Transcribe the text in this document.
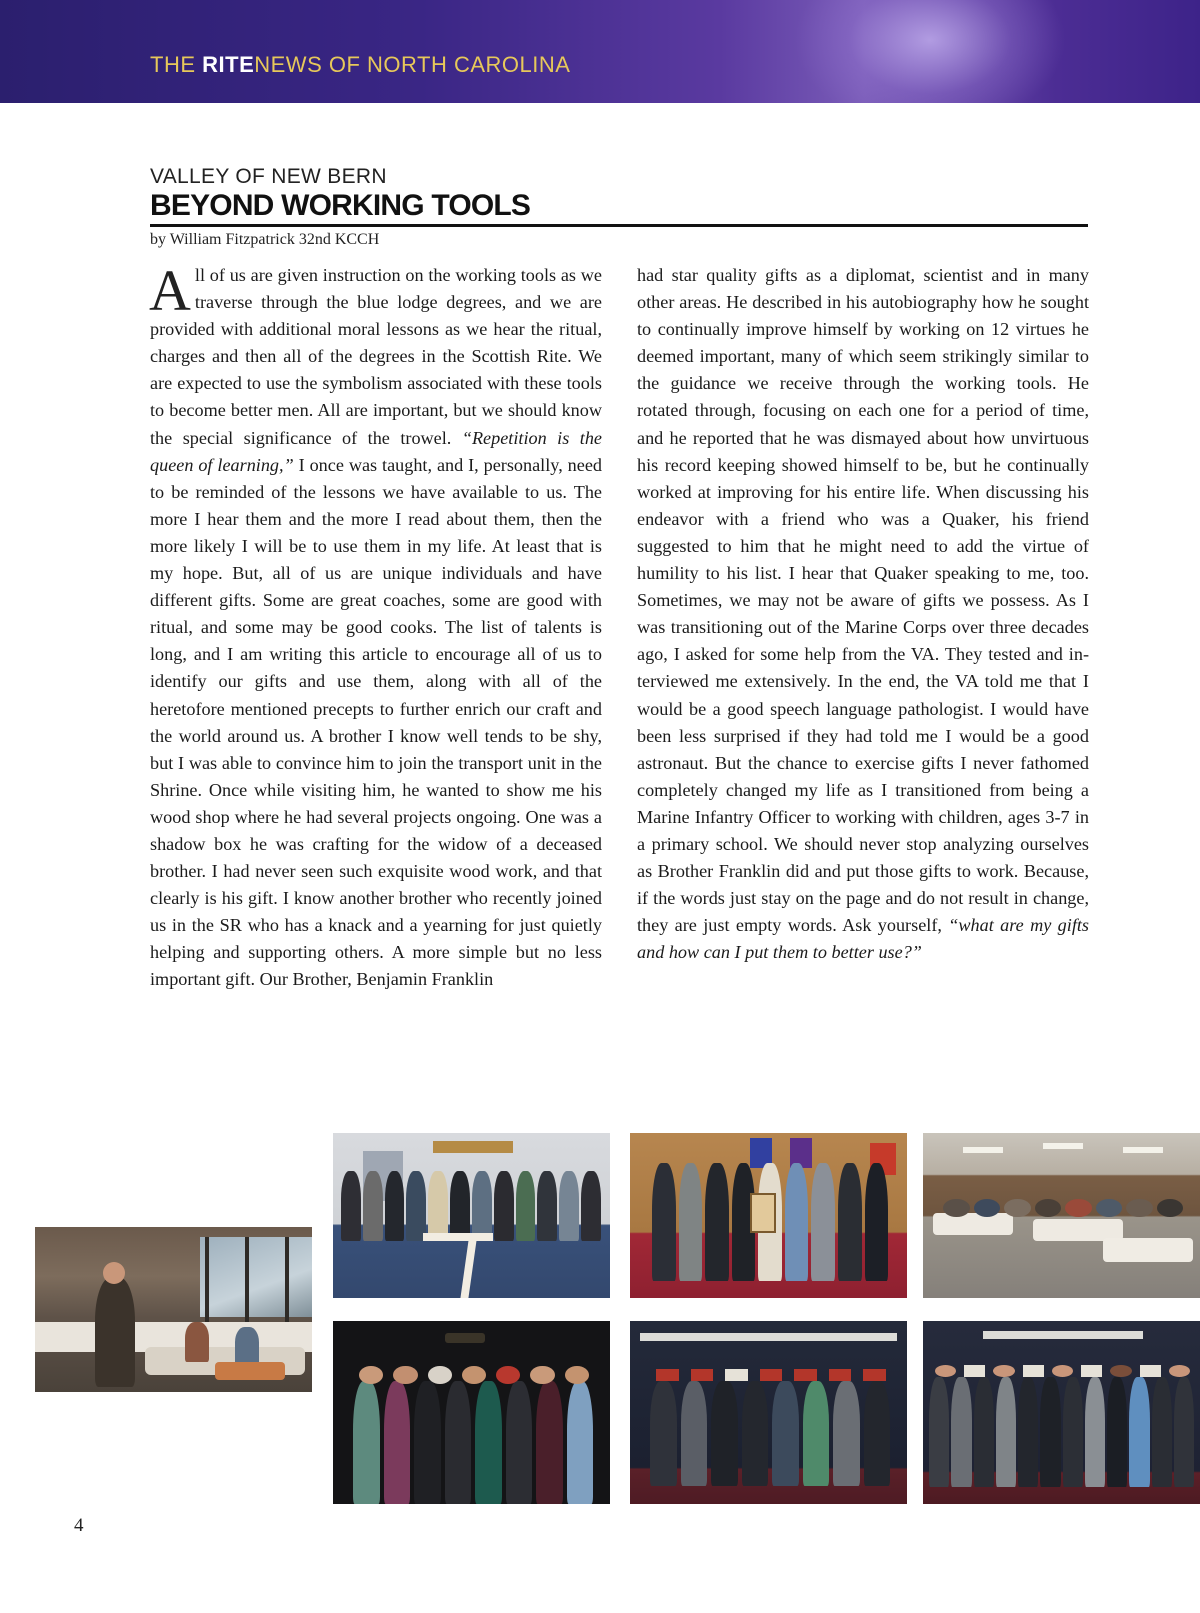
THE RITENEWS OF NORTH CAROLINA
VALLEY OF NEW BERN
BEYOND WORKING TOOLS
by William Fitzpatrick 32nd KCCH

All of us are given instruction on the working tools as we traverse through the blue lodge degrees, and we are provided with additional moral lessons as we hear the ritual, charges and then all of the degrees in the Scottish Rite. We are expected to use the symbolism associated with these tools to become better men. All are important, but we should know the special significance of the trowel. “Repetition is the queen of learning,” I once was taught, and I, personally, need to be reminded of the lessons we have available to us. The more I hear them and the more I read about them, then the more likely I will be to use them in my life. At least that is my hope. But, all of us are unique individuals and have different gifts. Some are great coaches, some are good with ritual, and some may be good cooks. The list of talents is long, and I am writing this article to encourage all of us to identify our gifts and use them, along with all of the heretofore mentioned precepts to further enrich our craft and the world around us. A brother I know well tends to be shy, but I was able to convince him to join the transport unit in the Shrine. Once while visiting him, he wanted to show me his wood shop where he had several projects ongoing. One was a shadow box he was crafting for the widow of a deceased brother. I had never seen such exquisite wood work, and that clearly is his gift. I know another brother who recently joined us in the SR who has a knack and a yearning for just quietly helping and supporting others. A more simple but no less important gift. Our Brother, Benjamin Franklin

had star quality gifts as a diplomat, scientist and in many other areas. He described in his autobiography how he sought to continually improve himself by working on 12 virtues he deemed important, many of which seem strikingly similar to the guidance we receive through the working tools. He rotated through, focusing on each one for a period of time, and he reported that he was dismayed about how unvirtuous his record keeping showed himself to be, but he continually worked at improving for his entire life. When discussing his endeavor with a friend who was a Quaker, his friend suggested to him that he might need to add the virtue of humility to his list. I hear that Quaker speaking to me, too. Sometimes, we may not be aware of gifts we possess. As I was transitioning out of the Marine Corps over three decades ago, I asked for some help from the VA. They tested and interviewed me extensively. In the end, the VA told me that I would be a good speech language pathologist. I would have been less surprised if they had told me I would be a good astronaut. But the chance to exercise gifts I never fathomed completely changed my life as I transitioned from being a Marine Infantry Officer to working with children, ages 3-7 in a primary school. We should never stop analyzing ourselves as Brother Franklin did and put those gifts to work. Because, if the words just stay on the page and do not result in change, they are just empty words. Ask yourself, “what are my gifts and how can I put them to better use?”

4
